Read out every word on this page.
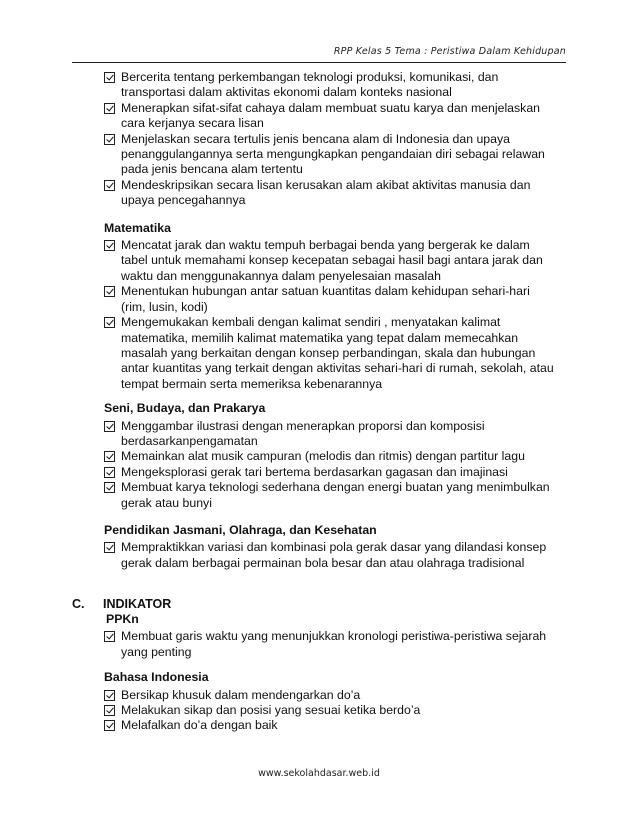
RPP Kelas 5 Tema : Peristiwa Dalam Kehidupan
Bercerita tentang perkembangan teknologi produksi, komunikasi, dan transportasi dalam aktivitas ekonomi dalam konteks nasional
Menerapkan sifat-sifat cahaya dalam membuat suatu karya dan menjelaskan cara kerjanya secara lisan
Menjelaskan secara tertulis jenis bencana alam di Indonesia dan upaya penanggulangannya serta mengungkapkan pengandaian diri sebagai relawan pada jenis bencana alam tertentu
Mendeskripsikan secara lisan kerusakan alam akibat aktivitas manusia dan upaya pencegahannya
Matematika
Mencatat jarak dan waktu tempuh berbagai benda yang bergerak ke dalam tabel untuk memahami konsep kecepatan sebagai hasil bagi antara jarak dan waktu dan menggunakannya dalam penyelesaian masalah
Menentukan hubungan antar satuan kuantitas dalam kehidupan sehari-hari (rim, lusin, kodi)
Mengemukakan kembali dengan kalimat sendiri , menyatakan kalimat matematika, memilih kalimat matematika yang tepat dalam memecahkan masalah yang berkaitan dengan konsep perbandingan, skala dan hubungan antar kuantitas yang terkait dengan aktivitas sehari-hari di rumah, sekolah, atau tempat bermain serta memeriksa kebenarannya
Seni, Budaya, dan Prakarya
Menggambar ilustrasi dengan menerapkan proporsi dan komposisi berdasarkanpengamatan
Memainkan alat musik campuran (melodis dan ritmis) dengan partitur lagu
Mengeksplorasi gerak tari bertema berdasarkan gagasan dan imajinasi
Membuat karya teknologi sederhana dengan energi buatan yang menimbulkan gerak atau bunyi
Pendidikan Jasmani, Olahraga, dan Kesehatan
Mempraktikkan variasi dan kombinasi pola gerak dasar yang dilandasi konsep gerak dalam berbagai permainan bola besar dan atau olahraga tradisional
C. INDIKATOR
PPKn
Membuat garis waktu yang menunjukkan kronologi peristiwa-peristiwa sejarah yang penting
Bahasa Indonesia
Bersikap khusuk dalam mendengarkan do’a
Melakukan sikap dan posisi yang sesuai ketika berdo’a
Melafalkan do’a dengan baik
www.sekolahdasar.web.id
